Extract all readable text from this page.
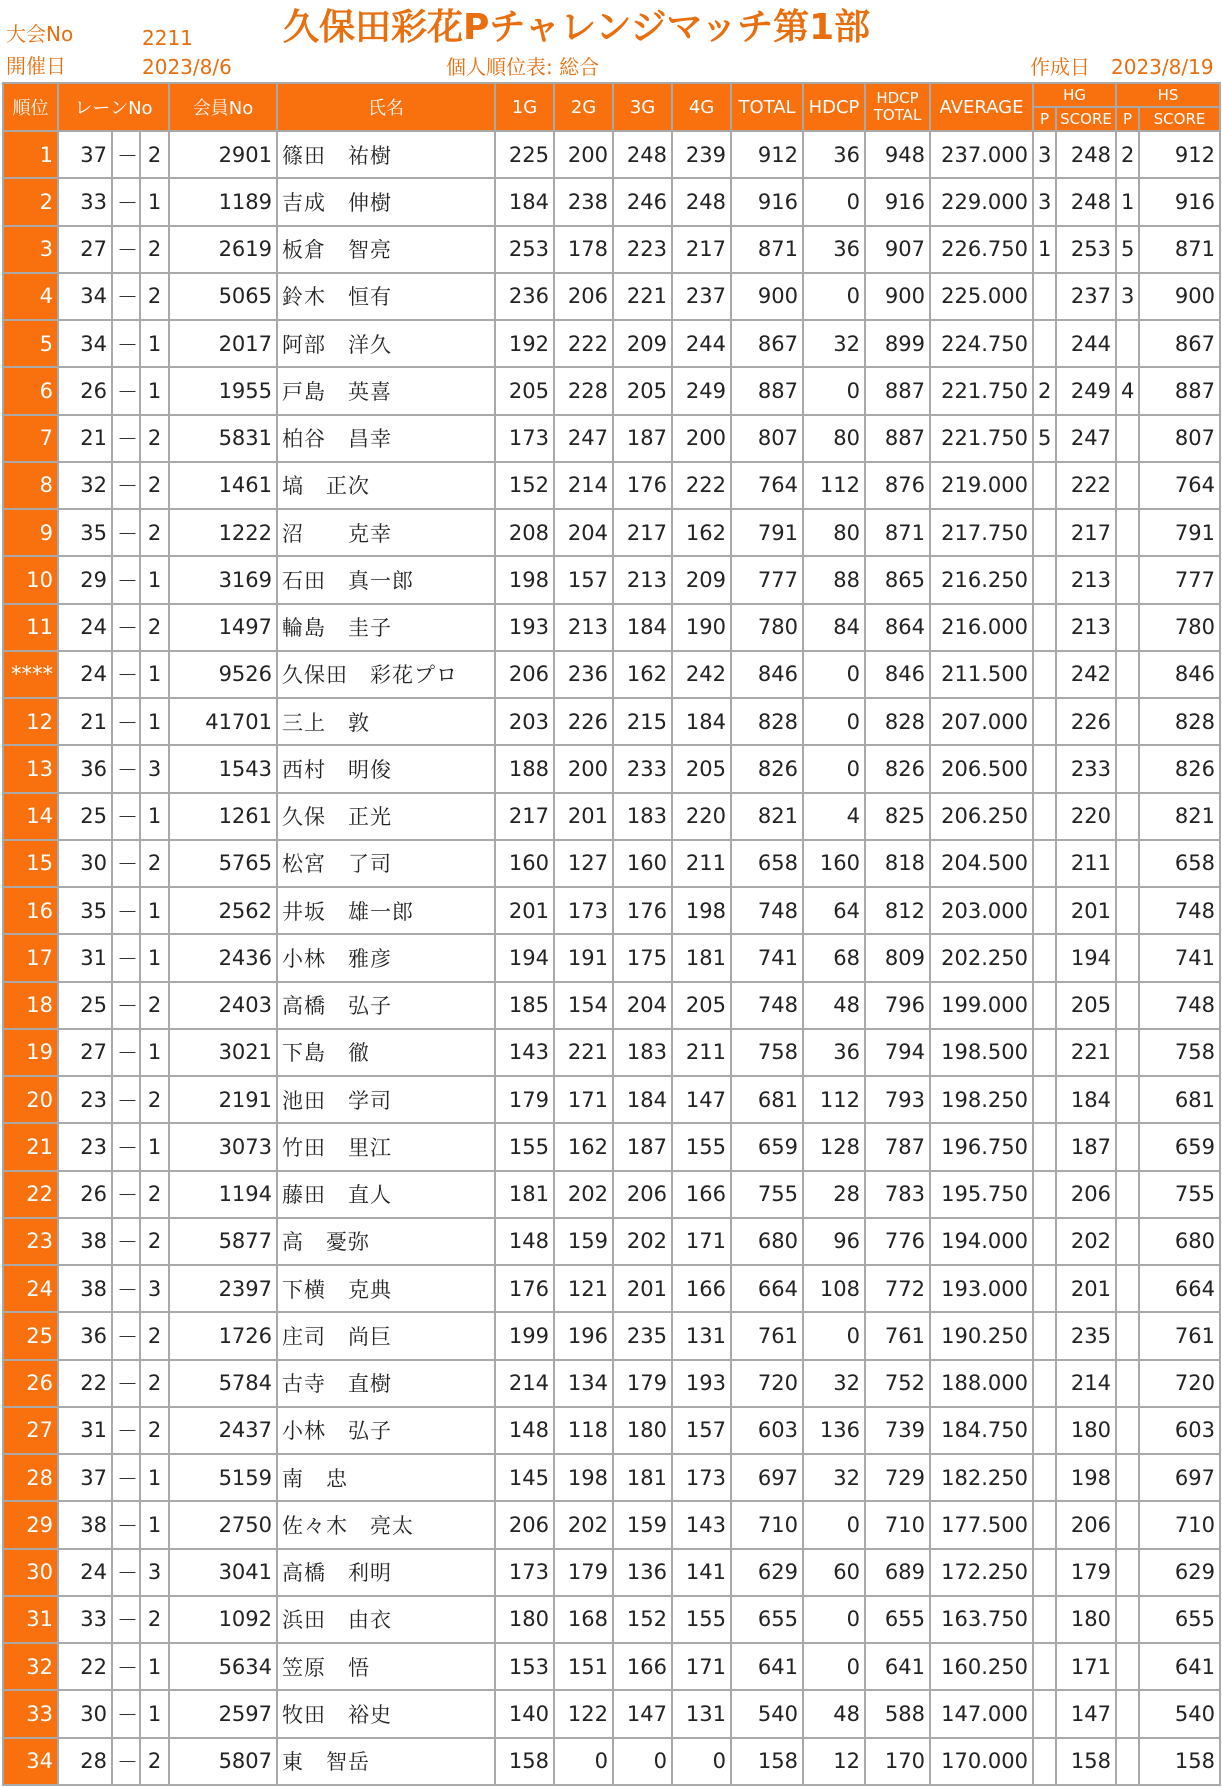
大会No	2211
開催日	2023/8/6
久保田彩花Pチャレンジマッチ第1部
個人順位表: 総合	作成日 2023/8/19
順位	レーンNo			会員No	氏名	1G	2G	3G	4G	TOTAL	HDCP	HDCP
TOTAL	AVERAGE	HG		HS	
														P	SCORE	P	SCORE
1	37	－	2	2901	篠田　祐樹	225	200	248	239	912	36	948	237.000	3	248	2	912
2	33	－	1	1189	吉成　伸樹	184	238	246	248	916	0	916	229.000	3	248	1	916
3	27	－	2	2619	板倉　智亮	253	178	223	217	871	36	907	226.750	1	253	5	871
4	34	－	2	5065	鈴木　恒有	236	206	221	237	900	0	900	225.000		237	3	900
5	34	－	1	2017	阿部　洋久	192	222	209	244	867	32	899	224.750		244		867
6	26	－	1	1955	戸島　英喜	205	228	205	249	887	0	887	221.750	2	249	4	887
7	21	－	2	5831	柏谷　昌幸	173	247	187	200	807	80	887	221.750	5	247		807
8	32	－	2	1461	塙　正次	152	214	176	222	764	112	876	219.000		222		764
9	35	－	2	1222	沼　　克幸	208	204	217	162	791	80	871	217.750		217		791
10	29	－	1	3169	石田　真一郎	198	157	213	209	777	88	865	216.250		213		777
11	24	－	2	1497	輪島　圭子	193	213	184	190	780	84	864	216.000		213		780
****	24	－	1	9526	久保田　彩花プロ	206	236	162	242	846	0	846	211.500		242		846
12	21	－	1	41701	三上　敦	203	226	215	184	828	0	828	207.000		226		828
13	36	－	3	1543	西村　明俊	188	200	233	205	826	0	826	206.500		233		826
14	25	－	1	1261	久保　正光	217	201	183	220	821	4	825	206.250		220		821
15	30	－	2	5765	松宮　了司	160	127	160	211	658	160	818	204.500		211		658
16	35	－	1	2562	井坂　雄一郎	201	173	176	198	748	64	812	203.000		201		748
17	31	－	1	2436	小林　雅彦	194	191	175	181	741	68	809	202.250		194		741
18	25	－	2	2403	高橋　弘子	185	154	204	205	748	48	796	199.000		205		748
19	27	－	1	3021	下島　徹	143	221	183	211	758	36	794	198.500		221		758
20	23	－	2	2191	池田　学司	179	171	184	147	681	112	793	198.250		184		681
21	23	－	1	3073	竹田　里江	155	162	187	155	659	128	787	196.750		187		659
22	26	－	2	1194	藤田　直人	181	202	206	166	755	28	783	195.750		206		755
23	38	－	2	5877	高　憂弥	148	159	202	171	680	96	776	194.000		202		680
24	38	－	3	2397	下横　克典	176	121	201	166	664	108	772	193.000		201		664
25	36	－	2	1726	庄司　尚巨	199	196	235	131	761	0	761	190.250		235		761
26	22	－	2	5784	古寺　直樹	214	134	179	193	720	32	752	188.000		214		720
27	31	－	2	2437	小林　弘子	148	118	180	157	603	136	739	184.750		180		603
28	37	－	1	5159	南　忠	145	198	181	173	697	32	729	182.250		198		697
29	38	－	1	2750	佐々木　亮太	206	202	159	143	710	0	710	177.500		206		710
30	24	－	3	3041	高橋　利明	173	179	136	141	629	60	689	172.250		179		629
31	33	－	2	1092	浜田　由衣	180	168	152	155	655	0	655	163.750		180		655
32	22	－	1	5634	笠原　悟	153	151	166	171	641	0	641	160.250		171		641
33	30	－	1	2597	牧田　裕史	140	122	147	131	540	48	588	147.000		147		540
34	28	－	2	5807	東　智岳	158	0	0	0	158	12	170	170.000		158		158
